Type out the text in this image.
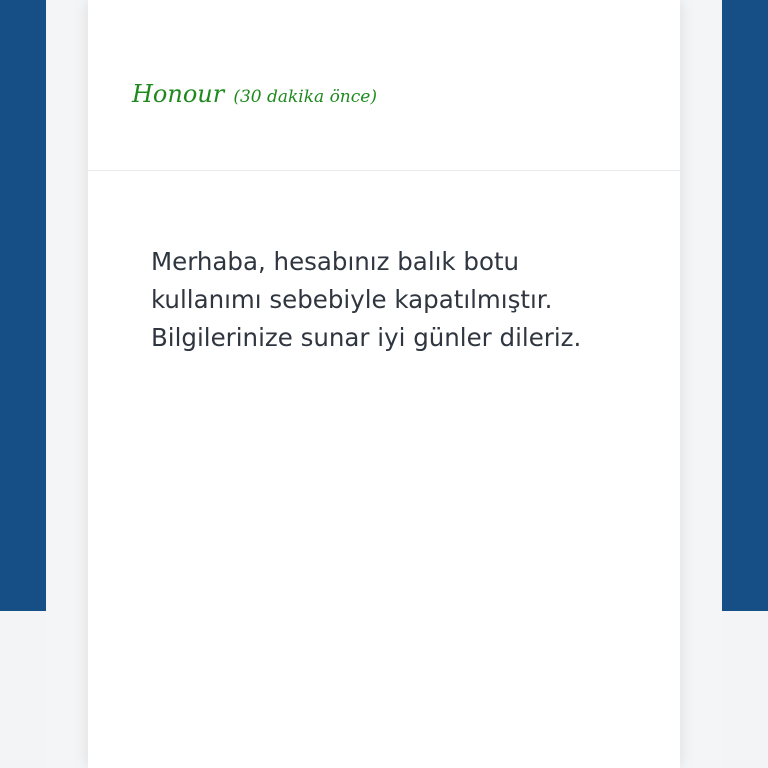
Honour (30 dakika önce)
Merhaba, hesabınız balık botu kullanımı sebebiyle kapatılmıştır. Bilgilerinize sunar iyi günler dileriz.
